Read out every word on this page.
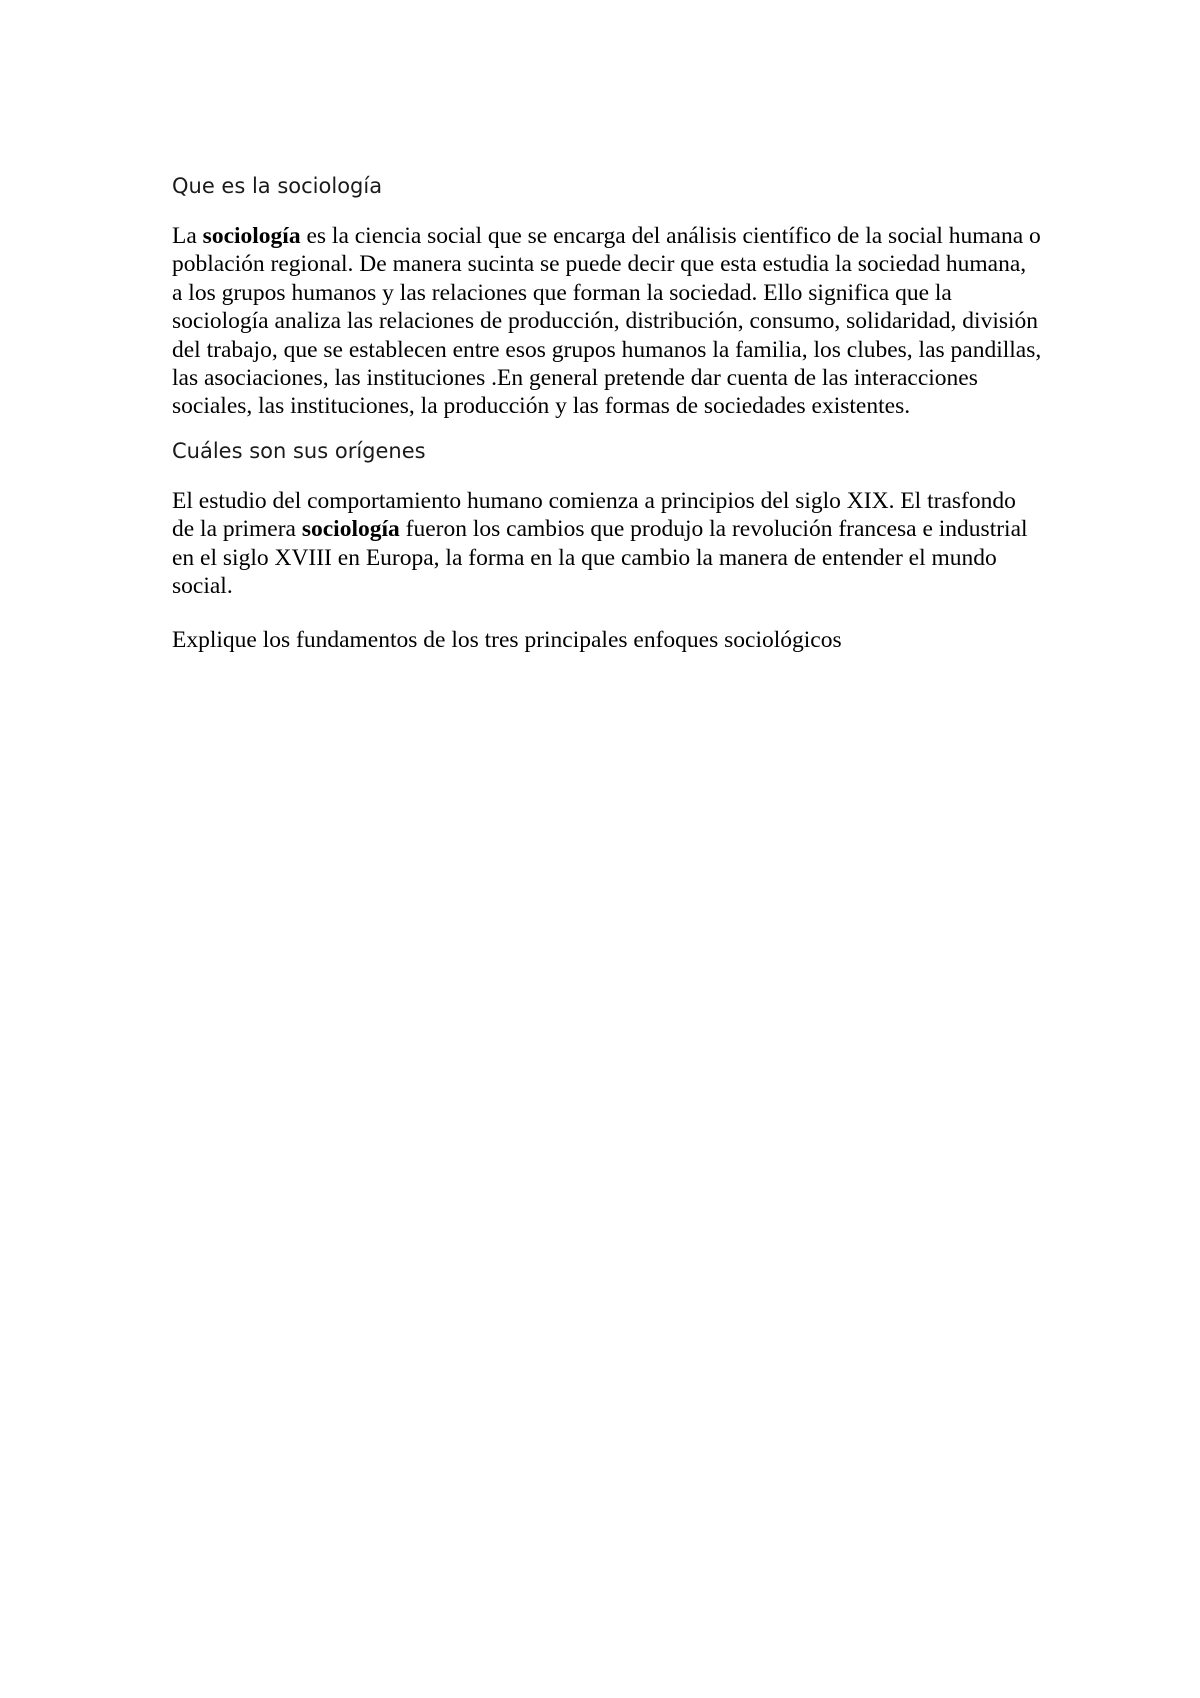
Que es la sociología

La sociología es la ciencia social que se encarga del análisis científico de la social humana o población regional. De manera sucinta se puede decir que esta estudia la sociedad humana, a los grupos humanos y las relaciones que forman la sociedad. Ello significa que la sociología analiza las relaciones de producción, distribución, consumo, solidaridad, división del trabajo, que se establecen entre esos grupos humanos la familia, los clubes, las pandillas, las asociaciones, las instituciones .En general pretende dar cuenta de las interacciones sociales, las instituciones, la producción y las formas de sociedades existentes.

Cuáles son sus orígenes

El estudio del comportamiento humano comienza a principios del siglo XIX. El trasfondo de la primera sociología fueron los cambios que produjo la revolución francesa e industrial en el siglo XVIII en Europa, la forma en la que cambio la manera de entender el mundo social.

Explique los fundamentos de los tres principales enfoques sociológicos
